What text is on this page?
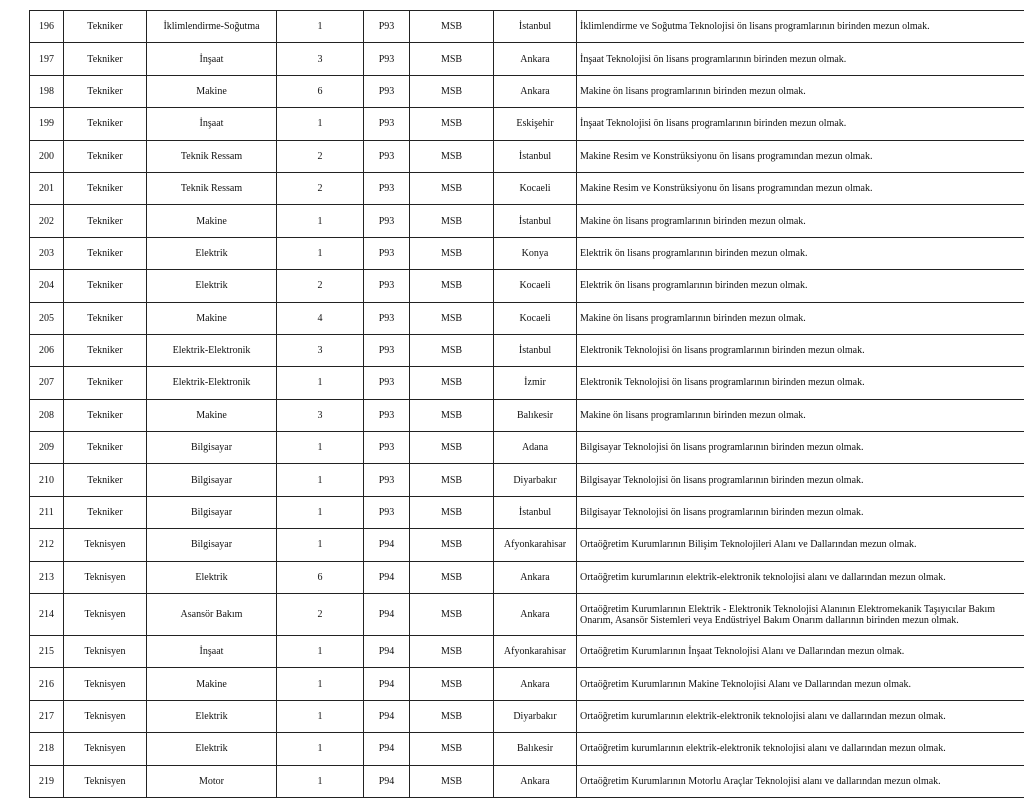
196	Tekniker	İklimlendirme-Soğutma	1	P93	MSB	İstanbul	İklimlendirme ve Soğutma Teknolojisi ön lisans programlarının birinden mezun olmak.	
197	Tekniker	İnşaat	3	P93	MSB	Ankara	İnşaat Teknolojisi ön lisans programlarının birinden mezun olmak.	
198	Tekniker	Makine	6	P93	MSB	Ankara	Makine ön lisans programlarının birinden mezun olmak.	
199	Tekniker	İnşaat	1	P93	MSB	Eskişehir	İnşaat Teknolojisi ön lisans programlarının birinden mezun olmak.	
200	Tekniker	Teknik Ressam	2	P93	MSB	İstanbul	Makine Resim ve Konstrüksiyonu ön lisans programından mezun olmak.	
201	Tekniker	Teknik Ressam	2	P93	MSB	Kocaeli	Makine Resim ve Konstrüksiyonu ön lisans programından mezun olmak.	
202	Tekniker	Makine	1	P93	MSB	İstanbul	Makine ön lisans programlarının birinden mezun olmak.	
203	Tekniker	Elektrik	1	P93	MSB	Konya	Elektrik ön lisans programlarının birinden mezun olmak.	
204	Tekniker	Elektrik	2	P93	MSB	Kocaeli	Elektrik ön lisans programlarının birinden mezun olmak.	
205	Tekniker	Makine	4	P93	MSB	Kocaeli	Makine ön lisans programlarının birinden mezun olmak.	
206	Tekniker	Elektrik-Elektronik	3	P93	MSB	İstanbul	Elektronik Teknolojisi ön lisans programlarının birinden mezun olmak.	
207	Tekniker	Elektrik-Elektronik	1	P93	MSB	İzmir	Elektronik Teknolojisi ön lisans programlarının birinden mezun olmak.	
208	Tekniker	Makine	3	P93	MSB	Balıkesir	Makine ön lisans programlarının birinden mezun olmak.	
209	Tekniker	Bilgisayar	1	P93	MSB	Adana	Bilgisayar Teknolojisi ön lisans programlarının birinden mezun olmak.	
210	Tekniker	Bilgisayar	1	P93	MSB	Diyarbakır	Bilgisayar Teknolojisi ön lisans programlarının birinden mezun olmak.	
211	Tekniker	Bilgisayar	1	P93	MSB	İstanbul	Bilgisayar Teknolojisi ön lisans programlarının birinden mezun olmak.	
212	Teknisyen	Bilgisayar	1	P94	MSB	Afyonkarahisar	Ortaöğretim Kurumlarının Bilişim Teknolojileri Alanı ve Dallarından mezun olmak.	
213	Teknisyen	Elektrik	6	P94	MSB	Ankara	Ortaöğretim kurumlarının elektrik-elektronik teknolojisi alanı ve dallarından mezun olmak.	
214	Teknisyen	Asansör Bakım	2	P94	MSB	Ankara	Ortaöğretim Kurumlarının Elektrik - Elektronik Teknolojisi Alanının Elektromekanik Taşıyıcılar Bakım Onarım, Asansör Sistemleri veya Endüstriyel Bakım Onarım dallarının birinden mezun olmak.	
215	Teknisyen	İnşaat	1	P94	MSB	Afyonkarahisar	Ortaöğretim Kurumlarının İnşaat Teknolojisi Alanı ve Dallarından mezun olmak.	
216	Teknisyen	Makine	1	P94	MSB	Ankara	Ortaöğretim Kurumlarının Makine Teknolojisi Alanı ve Dallarından mezun olmak.	
217	Teknisyen	Elektrik	1	P94	MSB	Diyarbakır	Ortaöğretim kurumlarının elektrik-elektronik teknolojisi alanı ve dallarından mezun olmak.	
218	Teknisyen	Elektrik	1	P94	MSB	Balıkesir	Ortaöğretim kurumlarının elektrik-elektronik teknolojisi alanı ve dallarından mezun olmak.	
219	Teknisyen	Motor	1	P94	MSB	Ankara	Ortaöğretim Kurumlarının Motorlu Araçlar Teknolojisi alanı ve dallarından mezun olmak.	
